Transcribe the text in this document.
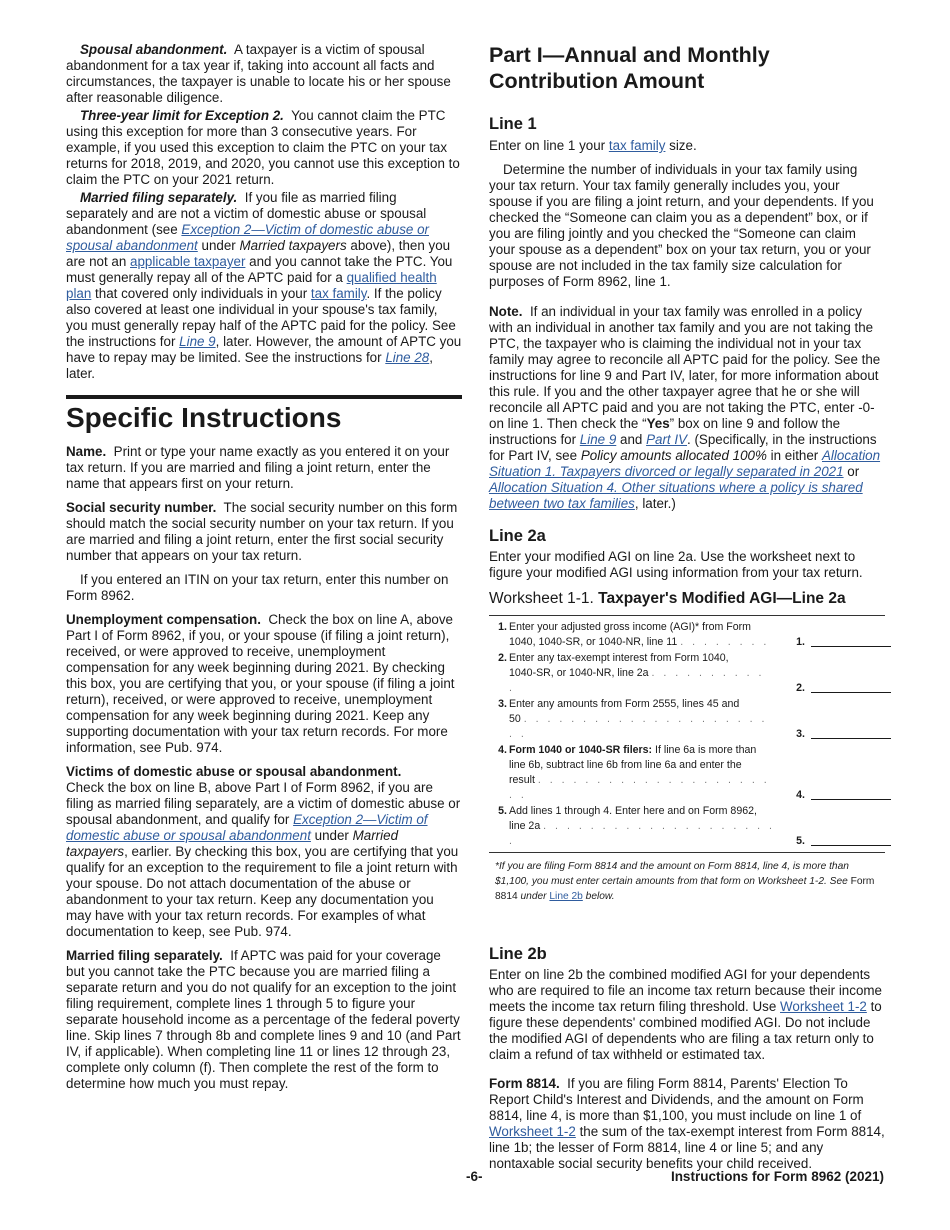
Spousal abandonment. A taxpayer is a victim of spousal abandonment for a tax year if, taking into account all facts and circumstances, the taxpayer is unable to locate his or her spouse after reasonable diligence.

Three-year limit for Exception 2. You cannot claim the PTC using this exception for more than 3 consecutive years. For example, if you used this exception to claim the PTC on your tax returns for 2018, 2019, and 2020, you cannot use this exception to claim the PTC on your 2021 return.

Married filing separately. If you file as married filing separately and are not a victim of domestic abuse or spousal abandonment (see Exception 2—Victim of domestic abuse or spousal abandonment under Married taxpayers above), then you are not an applicable taxpayer and you cannot take the PTC. You must generally repay all of the APTC paid for a qualified health plan that covered only individuals in your tax family. If the policy also covered at least one individual in your spouse's tax family, you must generally repay half of the APTC paid for the policy. See the instructions for Line 9, later. However, the amount of APTC you have to repay may be limited. See the instructions for Line 28, later.

Specific Instructions

Name. Print or type your name exactly as you entered it on your tax return. If you are married and filing a joint return, enter the name that appears first on your return.

Social security number. The social security number on this form should match the social security number on your tax return. If you are married and filing a joint return, enter the first social security number that appears on your tax return.

If you entered an ITIN on your tax return, enter this number on Form 8962.

Unemployment compensation. Check the box on line A, above Part I of Form 8962, if you, or your spouse (if filing a joint return), received, or were approved to receive, unemployment compensation for any week beginning during 2021. By checking this box, you are certifying that you, or your spouse (if filing a joint return), received, or were approved to receive, unemployment compensation for any week beginning during 2021. Keep any supporting documentation with your tax return records. For more information, see Pub. 974.

Victims of domestic abuse or spousal abandonment.
Check the box on line B, above Part I of Form 8962, if you are filing as married filing separately, are a victim of domestic abuse or spousal abandonment, and qualify for Exception 2—Victim of domestic abuse or spousal abandonment under Married taxpayers, earlier. By checking this box, you are certifying that you qualify for an exception to the requirement to file a joint return with your spouse. Do not attach documentation of the abuse or abandonment to your tax return. Keep any documentation you may have with your tax return records. For examples of what documentation to keep, see Pub. 974.

Married filing separately. If APTC was paid for your coverage but you cannot take the PTC because you are married filing a separate return and you do not qualify for an exception to the joint filing requirement, complete lines 1 through 5 to figure your separate household income as a percentage of the federal poverty line. Skip lines 7 through 8b and complete lines 9 and 10 (and Part IV, if applicable). When completing line 11 or lines 12 through 23, complete only column (f). Then complete the rest of the form to determine how much you must repay.

Part I—Annual and Monthly Contribution Amount
Line 1

Enter on line 1 your tax family size.

Determine the number of individuals in your tax family using your tax return. Your tax family generally includes you, your spouse if you are filing a joint return, and your dependents. If you checked the “Someone can claim you as a dependent” box, or if you are filing jointly and you checked the “Someone can claim your spouse as a dependent” box on your tax return, you or your spouse are not included in the tax family size calculation for purposes of Form 8962, line 1.

Note. If an individual in your tax family was enrolled in a policy with an individual in another tax family and you are not taking the PTC, the taxpayer who is claiming the individual not in your tax family may agree to reconcile all APTC paid for the policy. See the instructions for line 9 and Part IV, later, for more information about this rule. If you and the other taxpayer agree that he or she will reconcile all APTC paid and you are not taking the PTC, enter -0- on line 1. Then check the “Yes” box on line 9 and follow the instructions for Line 9 and Part IV. (Specifically, in the instructions for Part IV, see Policy amounts allocated 100% in either Allocation Situation 1. Taxpayers divorced or legally separated in 2021 or Allocation Situation 4. Other situations where a policy is shared between two tax families, later.)

Line 2a

Enter your modified AGI on line 2a. Use the worksheet next to figure your modified AGI using information from your tax return.

Worksheet 1-1. Taxpayer's Modified AGI—Line 2a
1. Enter your adjusted gross income (AGI)* from Form
1040, 1040-SR, or 1040-NR, line 11 . . . . . . . .	1.
2. Enter any tax-exempt interest from Form 1040,
1040-SR, or 1040-NR, line 2a . . . . . . . . . . .	2.
3. Enter any amounts from Form 2555, lines 45 and
50 . . . . . . . . . . . . . . . . . . . . . . .	3.
4. Form 1040 or 1040-SR filers: If line 6a is more than line 6b, subtract line 6b from line 6a and enter the
result . . . . . . . . . . . . . . . . . . . . . .	4.
5. Add lines 1 through 4. Enter here and on Form 8962,
line 2a . . . . . . . . . . . . . . . . . . . . .	5.

*If you are filing Form 8814 and the amount on Form 8814, line 4, is more than $1,100, you must enter certain amounts from that form on Worksheet 1-2. See Form 8814 under Line 2b below.

Line 2b

Enter on line 2b the combined modified AGI for your dependents who are required to file an income tax return because their income meets the income tax return filing threshold. Use Worksheet 1-2 to figure these dependents' combined modified AGI. Do not include the modified AGI of dependents who are filing a tax return only to claim a refund of tax withheld or estimated tax.

Form 8814. If you are filing Form 8814, Parents' Election To Report Child's Interest and Dividends, and the amount on Form 8814, line 4, is more than $1,100, you must include on line 1 of Worksheet 1-2 the sum of the tax-exempt interest from Form 8814, line 1b; the lesser of Form 8814, line 4 or line 5; and any nontaxable social security benefits your child received.

-6-	Instructions for Form 8962 (2021)
